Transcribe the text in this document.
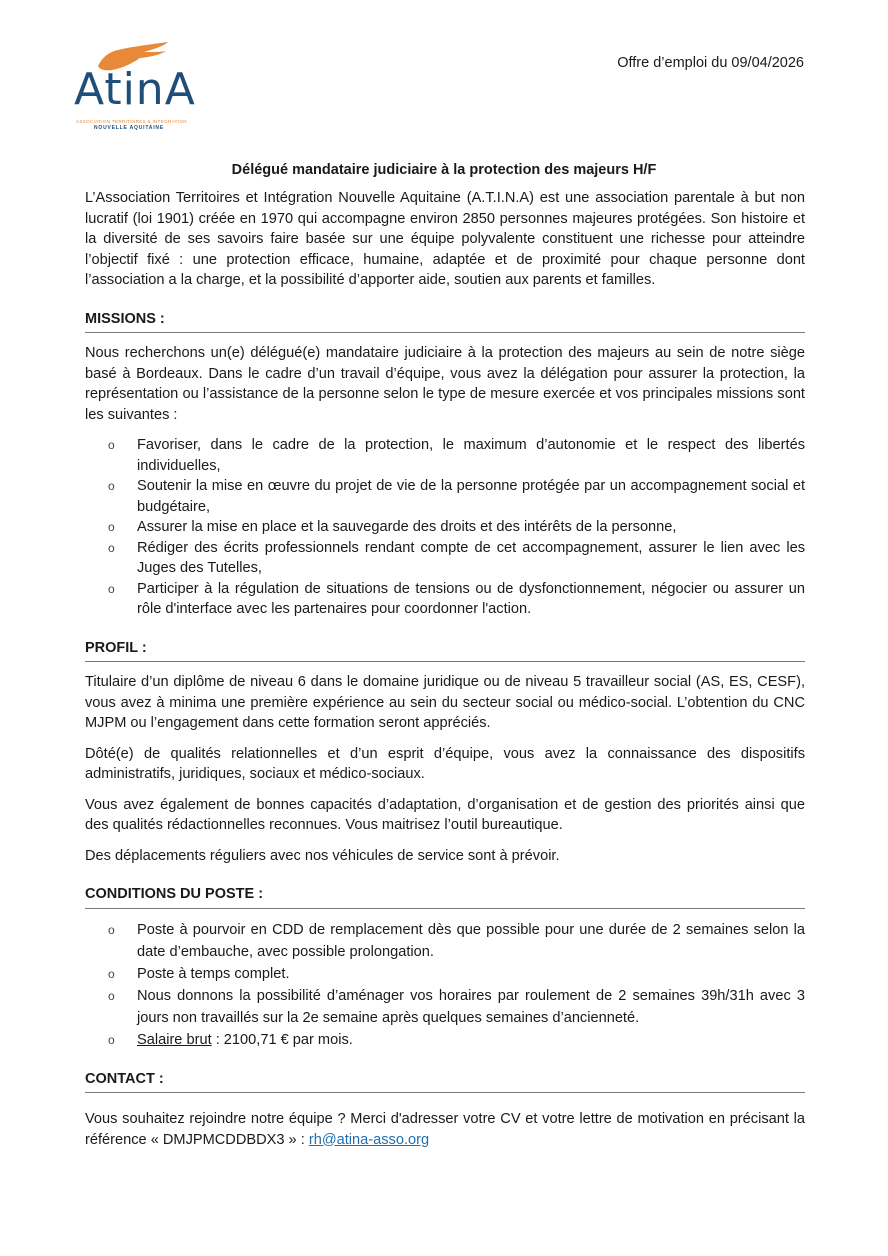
AtinA
ASSOCIATION TERRITOIRES & INTÉGRATION
NOUVELLE AQUITAINE
Offre d’emploi du 09/04/2026
Délégué mandataire judiciaire à la protection des majeurs H/F

L’Association Territoires et Intégration Nouvelle Aquitaine (A.T.I.N.A) est une association parentale à but non lucratif (loi 1901) créée en 1970 qui accompagne environ 2850 personnes majeures protégées. Son histoire et la diversité de ses savoirs faire basée sur une équipe polyvalente constituent une richesse pour atteindre l’objectif fixé : une protection efficace, humaine, adaptée et de proximité pour chaque personne dont l’association a la charge, et la possibilité d’apporter aide, soutien aux parents et familles.

MISSIONS :

Nous recherchons un(e) délégué(e) mandataire judiciaire à la protection des majeurs au sein de notre siège basé à Bordeaux. Dans le cadre d’un travail d’équipe, vous avez la délégation pour assurer la protection, la représentation ou l’assistance de la personne selon le type de mesure exercée et vos principales missions sont les suivantes :

o Favoriser, dans le cadre de la protection, le maximum d’autonomie et le respect des libertés individuelles,
o Soutenir la mise en œuvre du projet de vie de la personne protégée par un accompagnement social et budgétaire,
o Assurer la mise en place et la sauvegarde des droits et des intérêts de la personne,
o Rédiger des écrits professionnels rendant compte de cet accompagnement, assurer le lien avec les Juges des Tutelles,
o Participer à la régulation de situations de tensions ou de dysfonctionnement, négocier ou assurer un rôle d'interface avec les partenaires pour coordonner l'action.
PROFIL :

Titulaire d’un diplôme de niveau 6 dans le domaine juridique ou de niveau 5 travailleur social (AS, ES, CESF), vous avez à minima une première expérience au sein du secteur social ou médico-social. L’obtention du CNC MJPM ou l’engagement dans cette formation seront appréciés.

Dôté(e) de qualités relationnelles et d’un esprit d’équipe, vous avez la connaissance des dispositifs administratifs, juridiques, sociaux et médico-sociaux.

Vous avez également de bonnes capacités d’adaptation, d’organisation et de gestion des priorités ainsi que des qualités rédactionnelles reconnues. Vous maitrisez l’outil bureautique.

Des déplacements réguliers avec nos véhicules de service sont à prévoir.

CONDITIONS DU POSTE :
o Poste à pourvoir en CDD de remplacement dès que possible pour une durée de 2 semaines selon la date d’embauche, avec possible prolongation.
o Poste à temps complet.
o Nous donnons la possibilité d’aménager vos horaires par roulement de 2 semaines 39h/31h avec 3 jours non travaillés sur la 2e semaine après quelques semaines d’ancienneté.
o Salaire brut : 2100,71 € par mois.
CONTACT :

Vous souhaitez rejoindre notre équipe ? Merci d'adresser votre CV et votre lettre de motivation en précisant la référence « DMJPMCDDBDX3 » : rh@atina-asso.org
